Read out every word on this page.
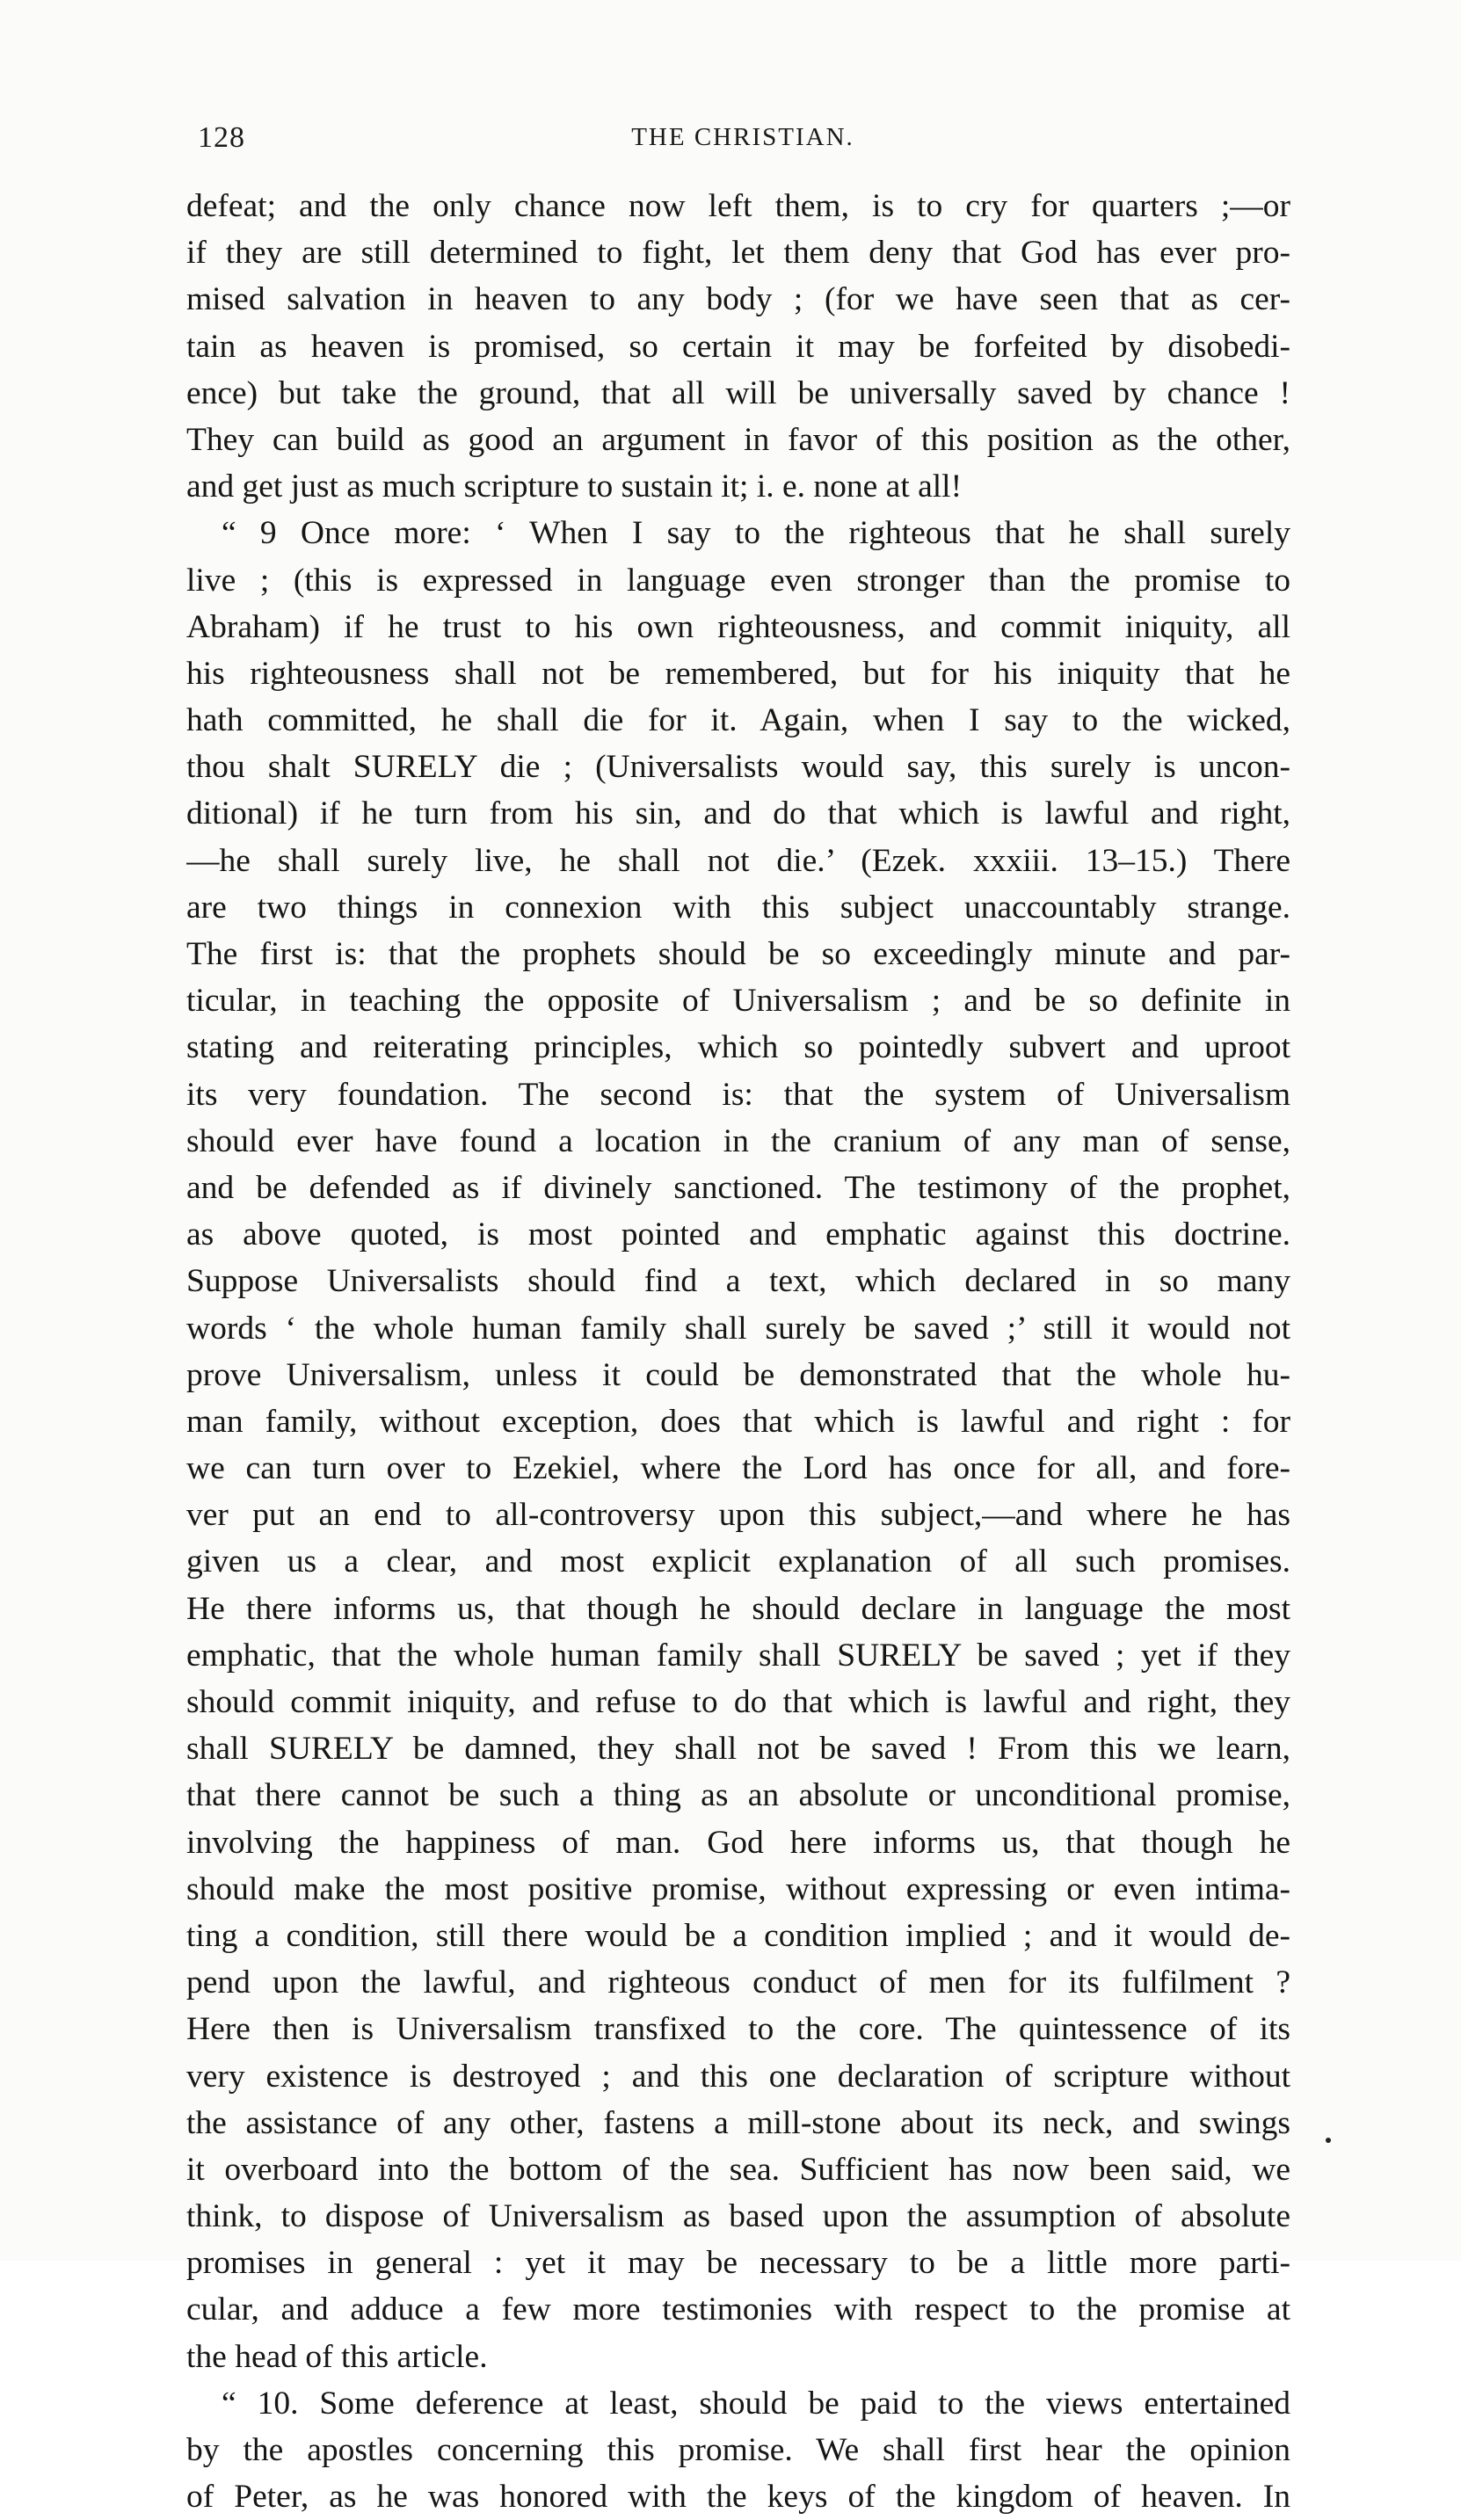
128	THE CHRISTIAN.
defeat; and the only chance now left them, is to cry for quarters ;—or
if they are still determined to fight, let them deny that God has ever pro-
mised salvation in heaven to any body ; (for we have seen that as cer-
tain as heaven is promised, so certain it may be forfeited by disobedi-
ence) but take the ground, that all will be universally saved by chance !
They can build as good an argument in favor of this position as the other,
and get just as much scripture to sustain it; i. e. none at all!
“ 9 Once more: ‘ When I say to the righteous that he shall surely
live ; (this is expressed in language even stronger than the promise to
Abraham) if he trust to his own righteousness, and commit iniquity, all
his righteousness shall not be remembered, but for his iniquity that he
hath committed, he shall die for it. Again, when I say to the wicked,
thou shalt SURELY die ; (Universalists would say, this surely is uncon-
ditional) if he turn from his sin, and do that which is lawful and right,
—he shall surely live, he shall not die.’ (Ezek. xxxiii. 13–15.) There
are two things in connexion with this subject unaccountably strange.
The first is: that the prophets should be so exceedingly minute and par-
ticular, in teaching the opposite of Universalism ; and be so definite in
stating and reiterating principles, which so pointedly subvert and uproot
its very foundation. The second is: that the system of Universalism
should ever have found a location in the cranium of any man of sense,
and be defended as if divinely sanctioned. The testimony of the prophet,
as above quoted, is most pointed and emphatic against this doctrine.
Suppose Universalists should find a text, which declared in so many
words ‘ the whole human family shall surely be saved ;’ still it would not
prove Universalism, unless it could be demonstrated that the whole hu-
man family, without exception, does that which is lawful and right : for
we can turn over to Ezekiel, where the Lord has once for all, and fore-
ver put an end to all-controversy upon this subject,—and where he has
given us a clear, and most explicit explanation of all such promises.
He there informs us, that though he should declare in language the most
emphatic, that the whole human family shall SURELY be saved ; yet if they
should commit iniquity, and refuse to do that which is lawful and right, they
shall SURELY be damned, they shall not be saved ! From this we learn,
that there cannot be such a thing as an absolute or unconditional promise,
involving the happiness of man. God here informs us, that though he
should make the most positive promise, without expressing or even intima-
ting a condition, still there would be a condition implied ; and it would de-
pend upon the lawful, and righteous conduct of men for its fulfilment ?
Here then is Universalism transfixed to the core. The quintessence of its
very existence is destroyed ; and this one declaration of scripture without
the assistance of any other, fastens a mill-stone about its neck, and swings
it overboard into the bottom of the sea. Sufficient has now been said, we
think, to dispose of Universalism as based upon the assumption of absolute
promises in general : yet it may be necessary to be a little more parti-
cular, and adduce a few more testimonies with respect to the promise at
the head of this article.
“ 10. Some deference at least, should be paid to the views entertained
by the apostles concerning this promise. We shall first hear the opinion
of Peter, as he was honored with the keys of the kingdom of heaven. In
